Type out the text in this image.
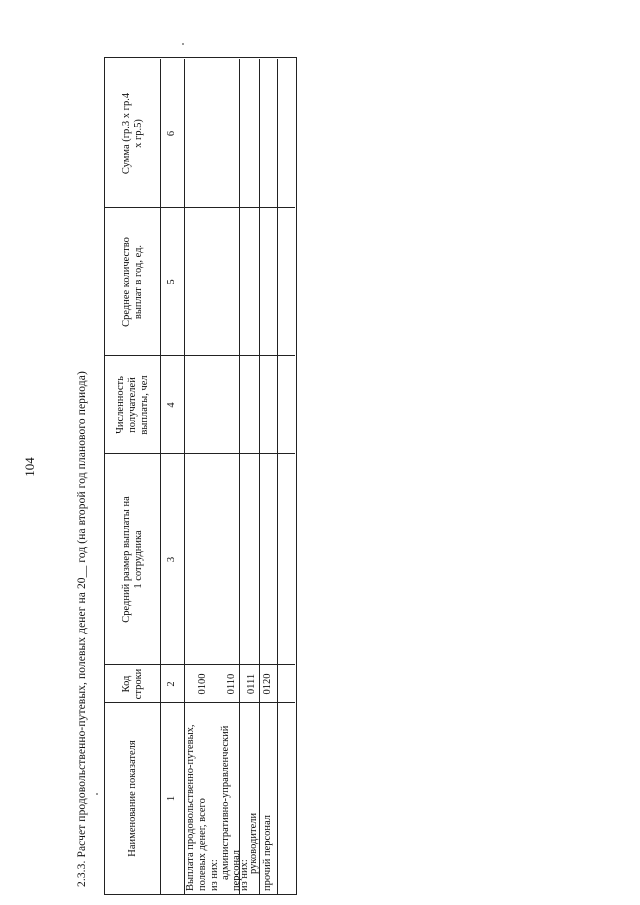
104	2.3.3. Расчет продовольственно-путевых, полевых денег на 20__ год (на второй год планового периода)	Наименование показателя
Код строки
Средний размер выплаты на 1 сотрудника
Численность получателей выплаты, чел
Среднее количество выплат в год, ед.
Сумма (гр.3 x гр.4 x гр.5)
1
2
3
4
5
6
Выплата продовольственно-путевых, полевых денег, всего
0100
из них: административно-управленческий персонал
0110
из них:
руководители
0111
прочий персонал
0120
